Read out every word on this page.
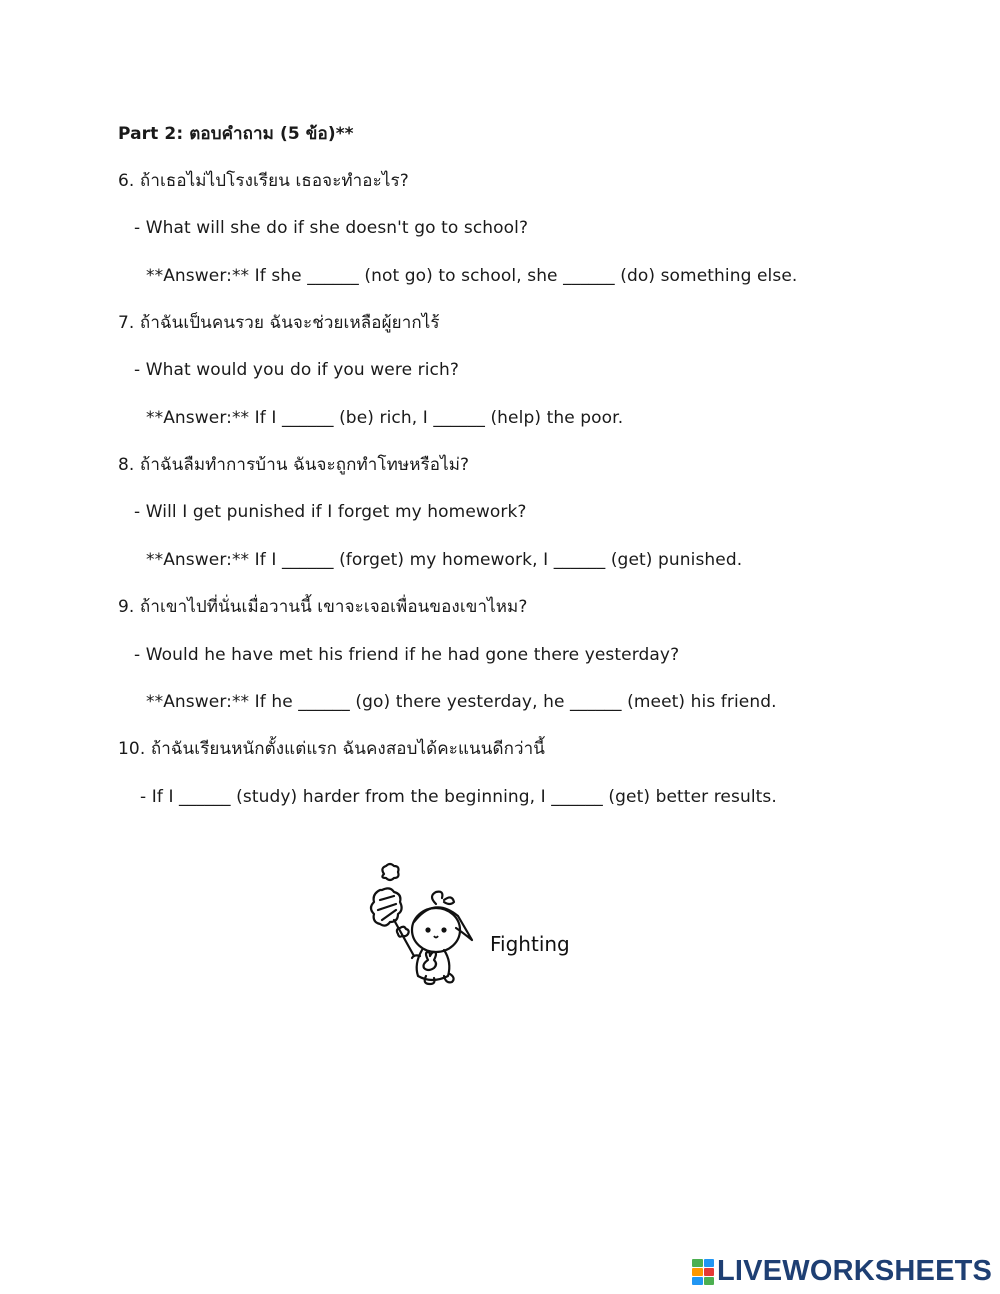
Part 2: ตอบคำถาม (5 ข้อ)**
6. ถ้าเธอไม่ไปโรงเรียน เธอจะทำอะไร?
- What will she do if she doesn't go to school?
**Answer:** If she ______ (not go) to school, she ______ (do) something else.
7. ถ้าฉันเป็นคนรวย ฉันจะช่วยเหลือผู้ยากไร้
- What would you do if you were rich?
**Answer:** If I ______ (be) rich, I ______ (help) the poor.
8. ถ้าฉันลืมทำการบ้าน ฉันจะถูกทำโทษหรือไม่?
- Will I get punished if I forget my homework?
**Answer:** If I ______ (forget) my homework, I ______ (get) punished.
9. ถ้าเขาไปที่นั่นเมื่อวานนี้ เขาจะเจอเพื่อนของเขาไหม?
- Would he have met his friend if he had gone there yesterday?
**Answer:** If he ______ (go) there yesterday, he ______ (meet) his friend.
10. ถ้าฉันเรียนหนักตั้งแต่แรก ฉันคงสอบได้คะแนนดีกว่านี้
- If I ______ (study) harder from the beginning, I ______ (get) better results.
Fighting
LIVEWORKSHEETS
